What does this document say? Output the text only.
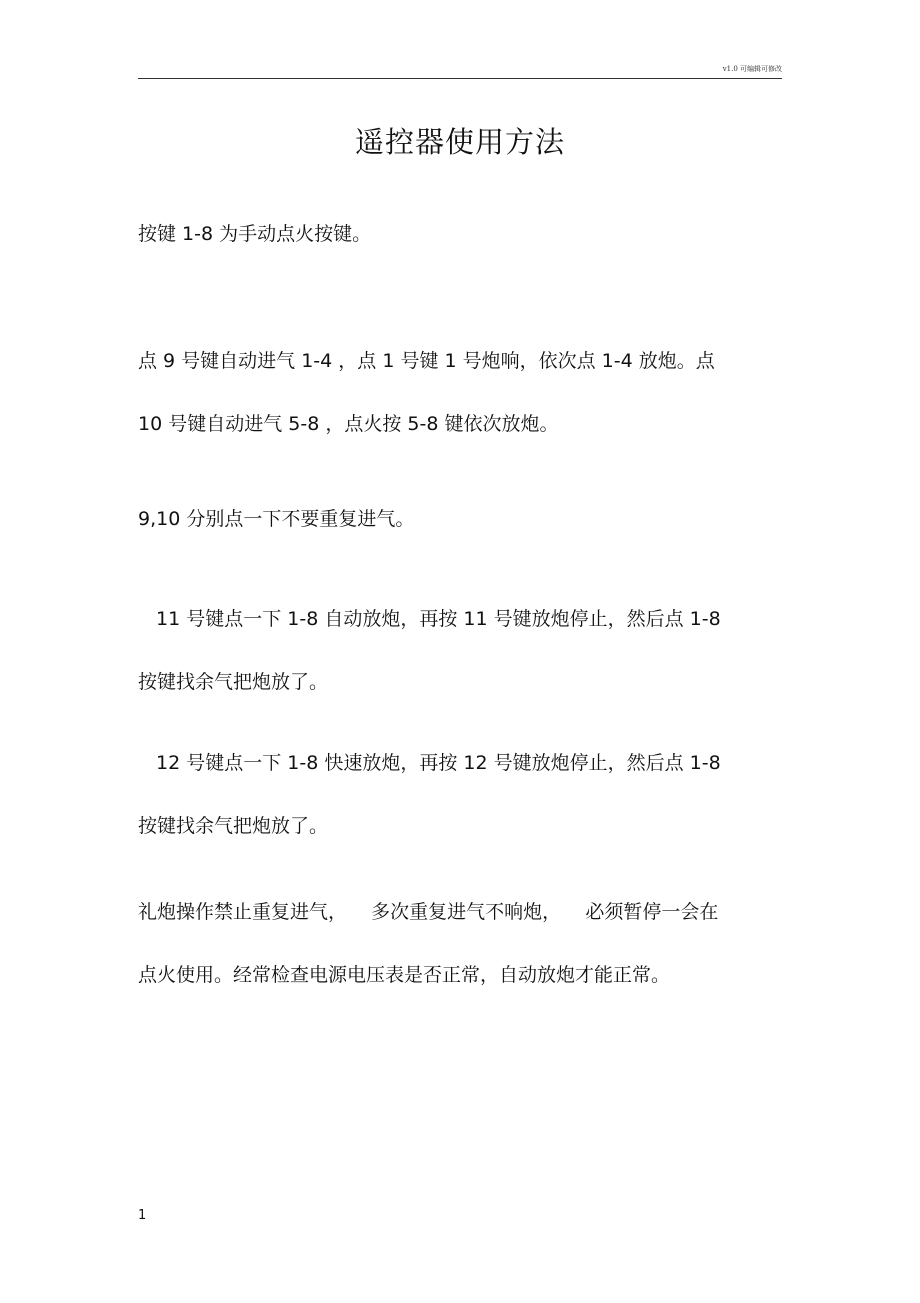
v1.0 可编辑可修改
遥控器使用方法

按键 1-8 为手动点火按键。

点 9 号键自动进气 1-4 ，点 1 号键 1 号炮响，依次点 1-4 放炮。点
10 号键自动进气 5-8 ，点火按 5-8 键依次放炮。

9,10 分别点一下不要重复进气。

11 号键点一下 1-8 自动放炮，再按 11 号键放炮停止，然后点 1-8
按键找余气把炮放了。

12 号键点一下 1-8 快速放炮，再按 12 号键放炮停止，然后点 1-8
按键找余气把炮放了。

礼炮操作禁止重复进气，    多次重复进气不响炮，    必须暂停一会在
点火使用。经常检查电源电压表是否正常，自动放炮才能正常。

1
